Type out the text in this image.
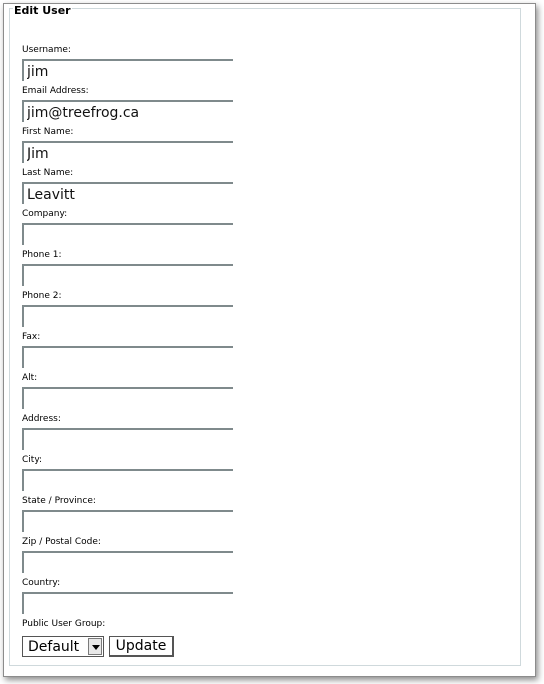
Edit User
Username:
jim
Email Address:
jim@treefrog.ca
First Name:
Jim
Last Name:
Leavitt
Company:
Phone 1:
Phone 2:
Fax:
Alt:
Address:
City:
State / Province:
Zip / Postal Code:
Country:
Public User Group:
Default	Update
